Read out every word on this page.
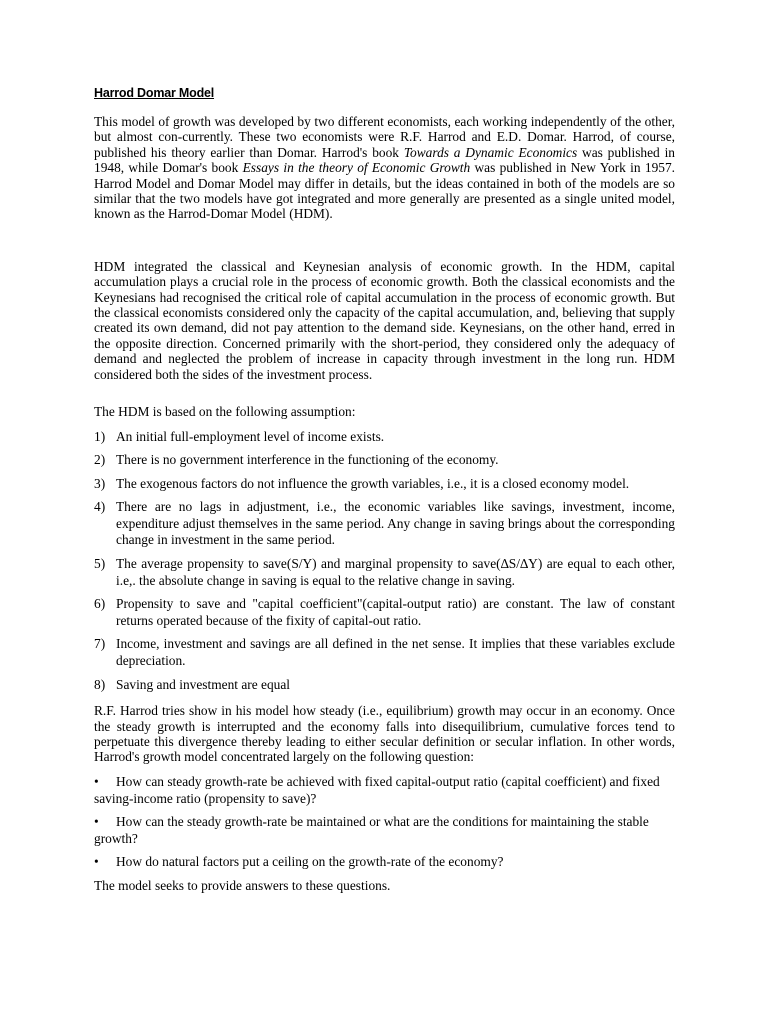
Harrod Domar Model

This model of growth was developed by two different economists, each working independently of the other, but almost con-currently. These two economists were R.F. Harrod and E.D. Domar. Harrod, of course, published his theory earlier than Domar. Harrod's book Towards a Dynamic Economics was published in 1948, while Domar's book Essays in the theory of Economic Growth was published in New York in 1957. Harrod Model and Domar Model may differ in details, but the ideas contained in both of the models are so similar that the two models have got integrated and more generally are presented as a single united model, known as the Harrod-Domar Model (HDM).

HDM integrated the classical and Keynesian analysis of economic growth. In the HDM, capital accumulation plays a crucial role in the process of economic growth. Both the classical economists and the Keynesians had recognised the critical role of capital accumulation in the process of economic growth. But the classical economists considered only the capacity of the capital accumulation, and, believing that supply created its own demand, did not pay attention to the demand side. Keynesians, on the other hand, erred in the opposite direction. Concerned primarily with the short-period, they considered only the adequacy of demand and neglected the problem of increase in capacity through investment in the long run. HDM considered both the sides of the investment process.

The HDM is based on the following assumption:

1) An initial full-employment level of income exists.
2) There is no government interference in the functioning of the economy.
3) The exogenous factors do not influence the growth variables, i.e., it is a closed economy model.
4) There are no lags in adjustment, i.e., the economic variables like savings, investment, income, expenditure adjust themselves in the same period. Any change in saving brings about the corresponding change in investment in the same period.
5) The average propensity to save(S/Y) and marginal propensity to save(∆S/∆Y) are equal to each other, i.e,. the absolute change in saving is equal to the relative change in saving.
6) Propensity to save and "capital coefficient"(capital-output ratio) are constant. The law of constant returns operated because of the fixity of capital-out ratio.
7) Income, investment and savings are all defined in the net sense. It implies that these variables exclude depreciation.
8) Saving and investment are equal

R.F. Harrod tries show in his model how steady (i.e., equilibrium) growth may occur in an economy. Once the steady growth is interrupted and the economy falls into disequilibrium, cumulative forces tend to perpetuate this divergence thereby leading to either secular definition or secular inflation. In other words, Harrod's growth model concentrated largely on the following question:

• How can steady growth-rate be achieved with fixed capital-output ratio (capital coefficient) and fixed saving-income ratio (propensity to save)?
• How can the steady growth-rate be maintained or what are the conditions for maintaining the stable growth?
• How do natural factors put a ceiling on the growth-rate of the economy?

The model seeks to provide answers to these questions.
